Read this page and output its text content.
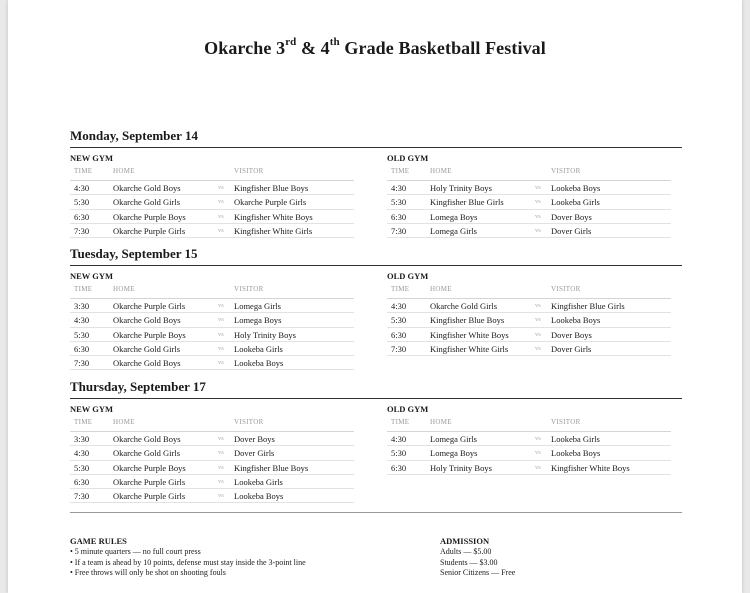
Okarche 3rd & 4th Grade Basketball Festival
Monday, September 14
NEW GYM
TIME	HOME	VISITOR
4:30	Okarche Gold Boys	vs	Kingfisher Blue Boys
5:30	Okarche Gold Girls	vs	Okarche Purple Girls
6:30	Okarche Purple Boys	vs	Kingfisher White Boys
7:30	Okarche Purple Girls	vs	Kingfisher White Girls
OLD GYM
TIME	HOME	VISITOR
4:30	Holy Trinity Boys	vs	Lookeba Boys
5:30	Kingfisher Blue Girls	vs	Lookeba Girls
6:30	Lomega Boys	vs	Dover Boys
7:30	Lomega Girls	vs	Dover Girls
Tuesday, September 15
NEW GYM
TIME	HOME	VISITOR
3:30	Okarche Purple Girls	vs	Lomega Girls
4:30	Okarche Gold Boys	vs	Lomega Boys
5:30	Okarche Purple Boys	vs	Holy Trinity Boys
6:30	Okarche Gold Girls	vs	Lookeba Girls
7:30	Okarche Gold Boys	vs	Lookeba Boys
OLD GYM
TIME	HOME	VISITOR
4:30	Okarche Gold Girls	vs	Kingfisher Blue Girls
5:30	Kingfisher Blue Boys	vs	Lookeba Boys
6:30	Kingfisher White Boys	vs	Dover Boys
7:30	Kingfisher White Girls	vs	Dover Girls
Thursday, September 17
NEW GYM
TIME	HOME	VISITOR
3:30	Okarche Gold Boys	vs	Dover Boys
4:30	Okarche Gold Girls	vs	Dover Girls
5:30	Okarche Purple Boys	vs	Kingfisher Blue Boys
6:30	Okarche Purple Girls	vs	Lookeba Girls
7:30	Okarche Purple Girls	vs	Lookeba Boys
OLD GYM
TIME	HOME	VISITOR
4:30	Lomega Girls	vs	Lookeba Girls
5:30	Lomega Boys	vs	Lookeba Boys
6:30	Holy Trinity Boys	vs	Kingfisher White Boys
GAME RULES
• 5 minute quarters — no full court press
• If a team is ahead by 10 points, defense must stay inside the 3-point line
• Free throws will only be shot on shooting fouls
ADMISSION
Adults — $5.00
Students — $3.00
Senior Citizens — Free
